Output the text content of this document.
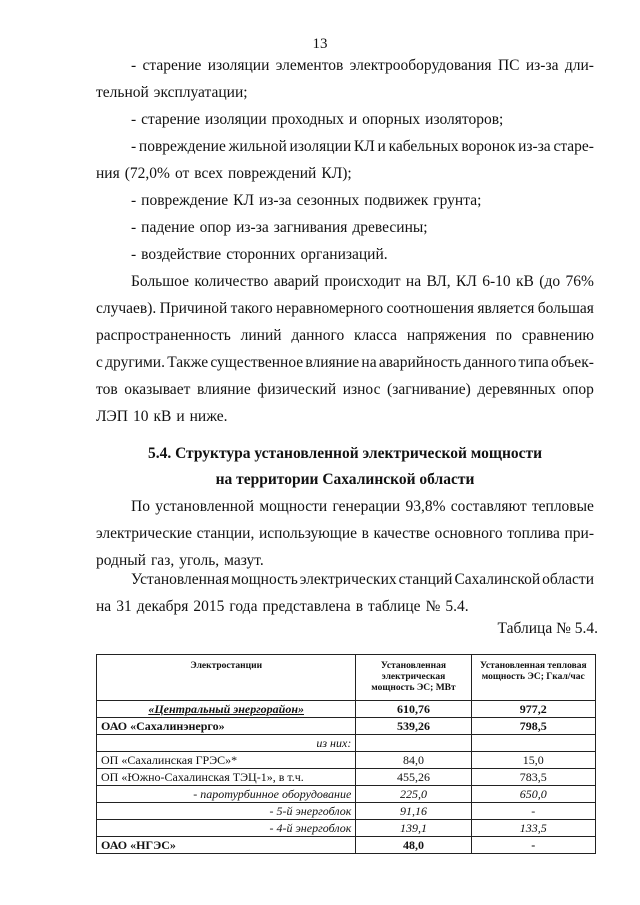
13
- старение изоляции элементов электрооборудования ПС из-за дли-
тельной эксплуатации;
- старение изоляции проходных и опорных изоляторов;
- повреждение жильной изоляции КЛ и кабельных воронок из-за старе-
ния (72,0% от всех повреждений КЛ);
- повреждение КЛ из-за сезонных подвижек грунта;
- падение опор из-за загнивания древесины;
- воздействие сторонних организаций.
Большое количество аварий происходит на ВЛ, КЛ 6-10 кВ (до 76%
случаев). Причиной такого неравномерного соотношения является большая
распространенность линий данного класса напряжения по сравнению
с другими. Также существенное влияние на аварийность данного типа объек-
тов оказывает влияние физический износ (загнивание) деревянных опор
ЛЭП 10 кВ и ниже.
5.4. Структура установленной электрической мощности
на территории Сахалинской области
По установленной мощности генерации 93,8% составляют тепловые
электрические станции, использующие в качестве основного топлива при-
родный газ, уголь, мазут.
Установленная мощность электрических станций Сахалинской области
на 31 декабря 2015 года представлена в таблице № 5.4.
Таблица № 5.4.
Электростанции	Установленная электрическая мощность ЭС; МВт	Установленная тепловая мощность ЭС; Гкал/час
«Центральный энергорайон»	610,76	977,2
ОАО «Сахалинэнерго»	539,26	798,5
из них:		
ОП «Сахалинская ГРЭС»*	84,0	15,0
ОП «Южно-Сахалинская ТЭЦ-1», в т.ч.	455,26	783,5
- паротурбинное оборудование	225,0	650,0
- 5-й энергоблок	91,16	-
- 4-й энергоблок	139,1	133,5
ОАО «НГЭС»	48,0	-
